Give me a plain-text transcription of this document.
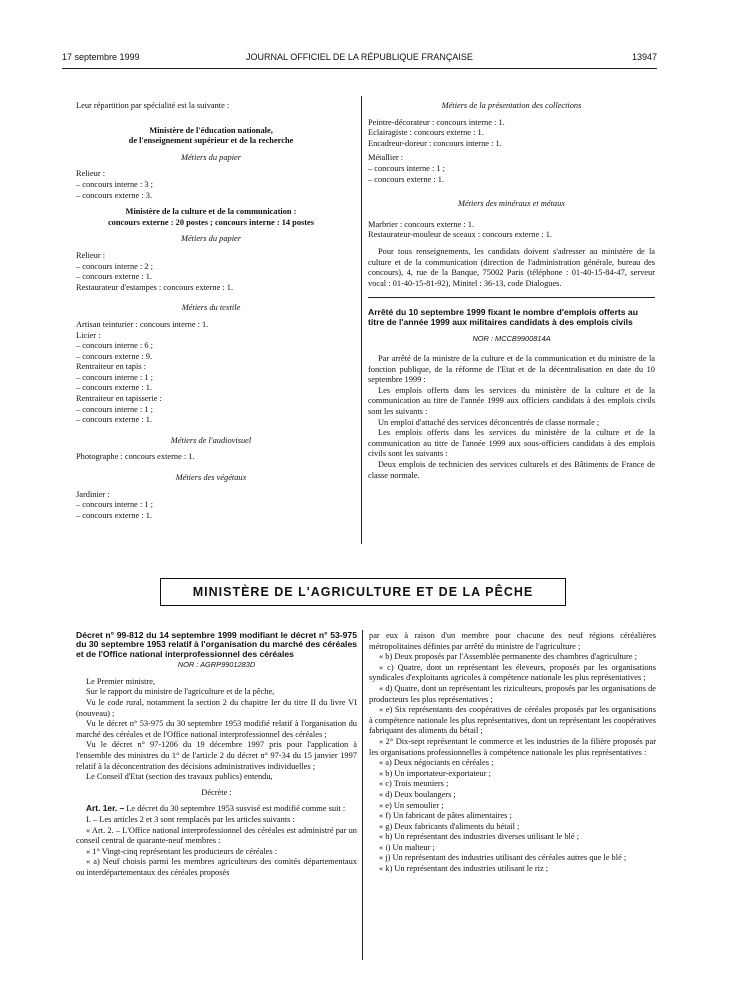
17 septembre 1999	JOURNAL OFFICIEL DE LA RÉPUBLIQUE FRANÇAISE	13947

Leur répartition par spécialité est la suivante :

Ministère de l'éducation nationale,
de l'enseignement supérieur et de la recherche

Métiers du papier

Relieur :

– concours interne : 3 ;

– concours externe : 3.

Ministère de la culture et de la communication :
concours externe : 20 postes ; concours interne : 14 postes

Métiers du papier

Relieur :

– concours interne : 2 ;

– concours externe : 1.

Restaurateur d'estampes : concours externe : 1.

Métiers du textile

Artisan teinturier : concours interne : 1.

Licier :

– concours interne : 6 ;

– concours externe : 9.

Rentraiteur en tapis :

– concours interne : 1 ;

– concours externe : 1.

Rentraiteur en tapisserie :

– concours interne : 1 ;

– concours externe : 1.

Métiers de l'audiovisuel

Photographe : concours externe : 1.

Métiers des végétaux

Jardinier :

– concours interne : 1 ;

– concours externe : 1.

Métiers de la présentation des collections

Peintre-décorateur : concours interne : 1.

Eclairagiste : concours externe : 1.

Encadreur-doreur : concours interne : 1.

Métallier :

– concours interne : 1 ;

– concours externe : 1.

Métiers des minéraux et métaux

Marbrier : concours externe : 1.

Restaurateur-mouleur de sceaux : concours externe : 1.

Pour tous renseignements, les candidats doivent s'adresser au ministère de la culture et de la communication (direction de l'administration générale, bureau des concours), 4, rue de la Banque, 75002 Paris (téléphone : 01-40-15-84-47, serveur vocal : 01-40-15-81-92), Minitel : 36-13, code Dialogues.

Arrêté du 10 septembre 1999 fixant le nombre d'emplois offerts au titre de l'année 1999 aux militaires candidats à des emplois civils

NOR : MCCB9900814A

Par arrêté de la ministre de la culture et de la communication et du ministre de la fonction publique, de la réforme de l'Etat et de la décentralisation en date du 10 septembre 1999 :

Les emplois offerts dans les services du ministère de la culture et de la communication au titre de l'année 1999 aux officiers candidats à des emplois civils sont les suivants :

Un emploi d'attaché des services déconcentrés de classe normale ;

Les emplois offerts dans les services du ministère de la culture et de la communication au titre de l'année 1999 aux sous-officiers candidats à des emplois civils sont les suivants :

Deux emplois de technicien des services culturels et des Bâtiments de France de classe normale.

MINISTÈRE DE L'AGRICULTURE ET DE LA PÊCHE

Décret n° 99-812 du 14 septembre 1999 modifiant le décret n° 53-975 du 30 septembre 1953 relatif à l'organisation du marché des céréales et de l'Office national interprofessionnel des céréales

NOR : AGRP9901283D

Le Premier ministre,

Sur le rapport du ministre de l'agriculture et de la pêche,

Vu le code rural, notamment la section 2 du chapitre Ier du titre II du livre VI (nouveau) ;

Vu le décret n° 53-975 du 30 septembre 1953 modifié relatif à l'organisation du marché des céréales et de l'Office national interprofessionnel des céréales ;

Vu le décret n° 97-1206 du 19 décembre 1997 pris pour l'application à l'ensemble des ministres du 1° de l'article 2 du décret n° 97-34 du 15 janvier 1997 relatif à la déconcentration des décisions administratives individuelles ;

Le Conseil d'Etat (section des travaux publics) entendu,

Décrète :

Art. 1er. – Le décret du 30 septembre 1953 susvisé est modifié comme suit :

I. – Les articles 2 et 3 sont remplacés par les articles suivants :

« Art. 2. – L'Office national interprofessionnel des céréales est administré par un conseil central de quarante-neuf membres :

« 1° Vingt-cinq représentant les producteurs de céréales :

« a) Neuf choisis parmi les membres agriculteurs des comités départementaux ou interdépartementaux des céréales proposés

par eux à raison d'un membre pour chacune des neuf régions céréalières métropolitaines définies par arrêté du ministre de l'agriculture ;

« b) Deux proposés par l'Assemblée permanente des chambres d'agriculture ;

« c) Quatre, dont un représentant les éleveurs, proposés par les organisations syndicales d'exploitants agricoles à compétence nationale les plus représentatives ;

« d) Quatre, dont un représentant les riziculteurs, proposés par les organisations de producteurs les plus représentatives ;

« e) Six représentants des coopératives de céréales proposés par les organisations à compétence nationale les plus représentatives, dont un représentant les coopératives fabriquant des aliments du bétail ;

« 2° Dix-sept représentant le commerce et les industries de la filière proposés par les organisations professionnelles à compétence nationale les plus représentatives :

« a) Deux négociants en céréales ;

« b) Un importateur-exportateur ;

« c) Trois meuniers ;

« d) Deux boulangers ;

« e) Un semoulier ;

« f) Un fabricant de pâtes alimentaires ;

« g) Deux fabricants d'aliments du bétail ;

« h) Un représentant des industries diverses utilisant le blé ;

« i) Un malteur ;

« j) Un représentant des industries utilisant des céréales autres que le blé ;

« k) Un représentant des industries utilisant le riz ;
